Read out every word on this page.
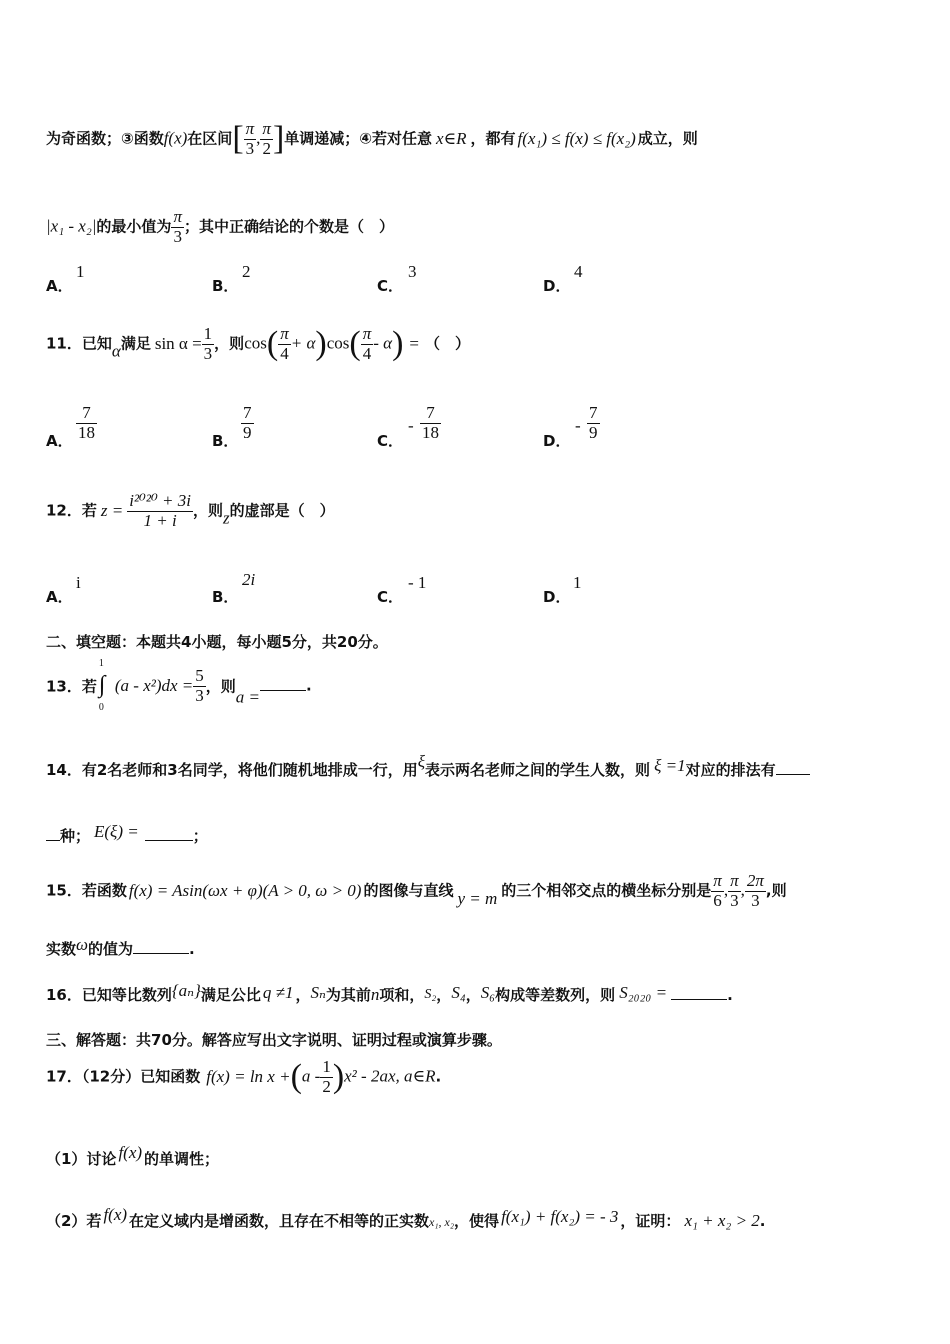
为奇函数；③函数f(x)在区间[ $\frac{\pi}{3}$ , $\frac{\pi}{2}$ ]单调递减；④若对任意 x∈R ，都有 f(x₁) ≤ f(x) ≤ f(x₂) 成立，则
|x₁ - x₂|的最小值为 $\frac{\pi}{3}$ ；其中正确结论的个数是（　）
A．
1
B．
2
C．
3
D．
4
11．已知α满足 $\sin \alpha = \frac{1}{3}$ ，则$\cos( \frac{\pi}{4} + \alpha)\cos( \frac{\pi}{4} - \alpha)$ = （　）
A． $\frac{7}{18}$	B． $\frac{7}{9}$	C．
- $\frac{7}{18}$	D．
- $\frac{7}{9}$
12．若 $z = \frac{\text{i²⁰²⁰ + 3i}}{1 + i}$ ，则z的虚部是（　）
A．
i
B．
2i
C．
- 1
D．
1
二、填空题：本题共4小题，每小题5分，共20分。
13．若
1
∫
0
$(a - x^2)dx = \frac{5}{3}$ ，则a =.
14．有2名老师和3名同学，将他们随机地排成一行，用ξ表示两名老师之间的学生人数，则 ξ =1对应的排法有
种； E(ξ) =	；
15．若函数 f(x) = Asin(ωx + φ)(A > 0, ω > 0) 的图像与直线 y = m 的三个相邻交点的横坐标分别是 $\frac{\pi}{6}$ , $\frac{\pi}{3}$ , $\frac{2\pi}{3}$ ,则
实数ω的值为	.
16．已知等比数列{aₙ}满足公比 q ≠1 ，Sₙ为其前n项和，S₂，S₄，S₆构成等差数列，则 S₂₀₂₀ =	.
三、解答题：共70分。解答应写出文字说明、证明过程或演算步骤。
17．（12分）已知函数 $f(x) = \ln x +(a - \frac{1}{2} )x^2 - 2ax$, a∈R.
（1）讨论 f(x) 的单调性；
（2）若 f(x) 在定义域内是增函数，且存在不相等的正实数x₁, x₂，使得 f(x₁) + f(x₂) = - 3 ，证明： x₁ + x₂ > 2.
